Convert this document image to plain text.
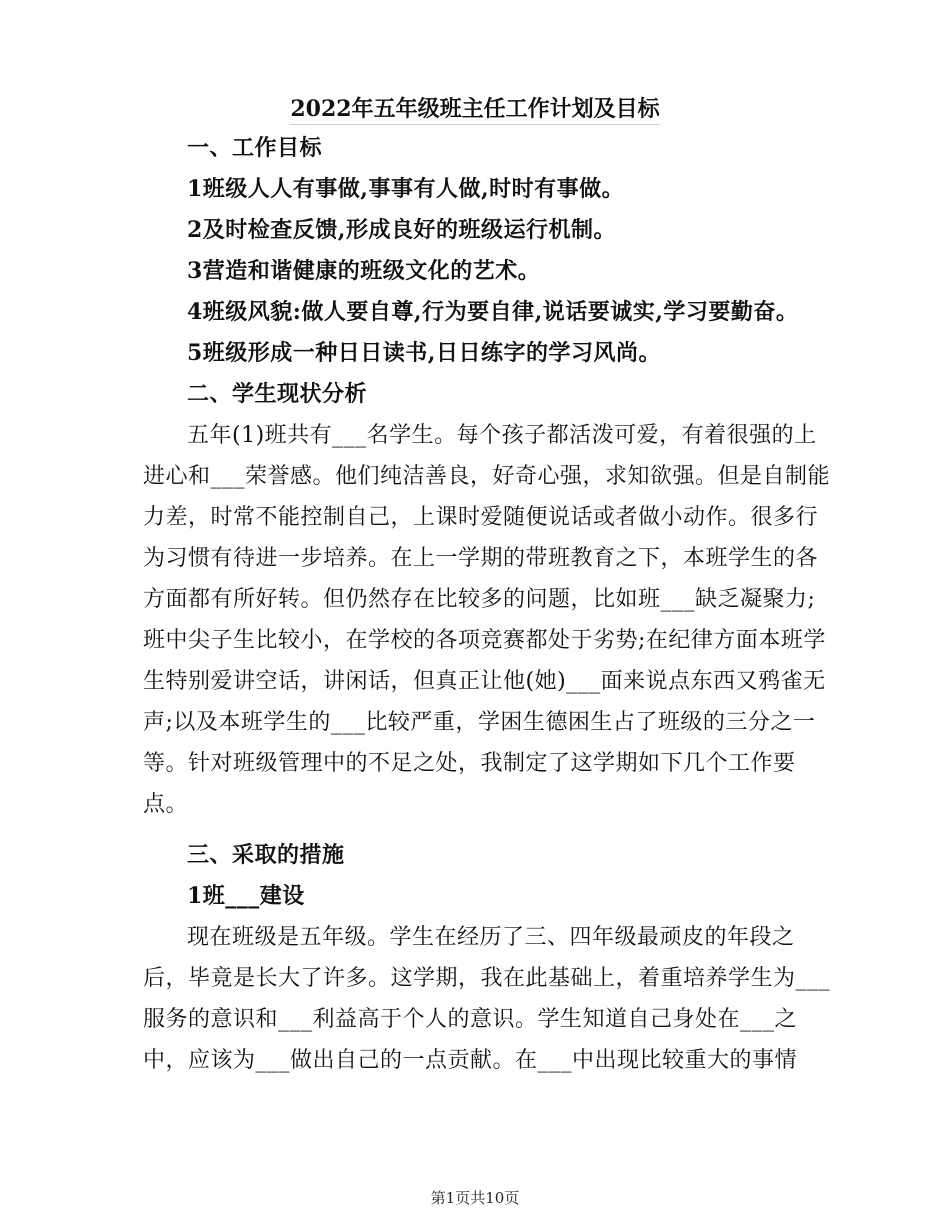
2022年五年级班主任工作计划及目标
一、工作目标
1班级人人有事做,事事有人做,时时有事做。
2及时检查反馈,形成良好的班级运行机制。
3营造和谐健康的班级文化的艺术。
4班级风貌:做人要自尊,行为要自律,说话要诚实,学习要勤奋。
5班级形成一种日日读书,日日练字的学习风尚。
二、学生现状分析
五年(1)班共有___名学生。每个孩子都活泼可爱，有着很强的上
进心和___荣誉感。他们纯洁善良，好奇心强，求知欲强。但是自制能
力差，时常不能控制自己，上课时爱随便说话或者做小动作。很多行
为习惯有待进一步培养。在上一学期的带班教育之下，本班学生的各
方面都有所好转。但仍然存在比较多的问题，比如班___缺乏凝聚力;
班中尖子生比较小，在学校的各项竞赛都处于劣势;在纪律方面本班学
生特别爱讲空话，讲闲话，但真正让他(她)___面来说点东西又鸦雀无
声;以及本班学生的___比较严重，学困生德困生占了班级的三分之一
等。针对班级管理中的不足之处，我制定了这学期如下几个工作要
点。
三、采取的措施
1班___建设
现在班级是五年级。学生在经历了三、四年级最顽皮的年段之
后，毕竟是长大了许多。这学期，我在此基础上，着重培养学生为___
服务的意识和___利益高于个人的意识。学生知道自己身处在___之
中，应该为___做出自己的一点贡献。在___中出现比较重大的事情
第1页共10页
